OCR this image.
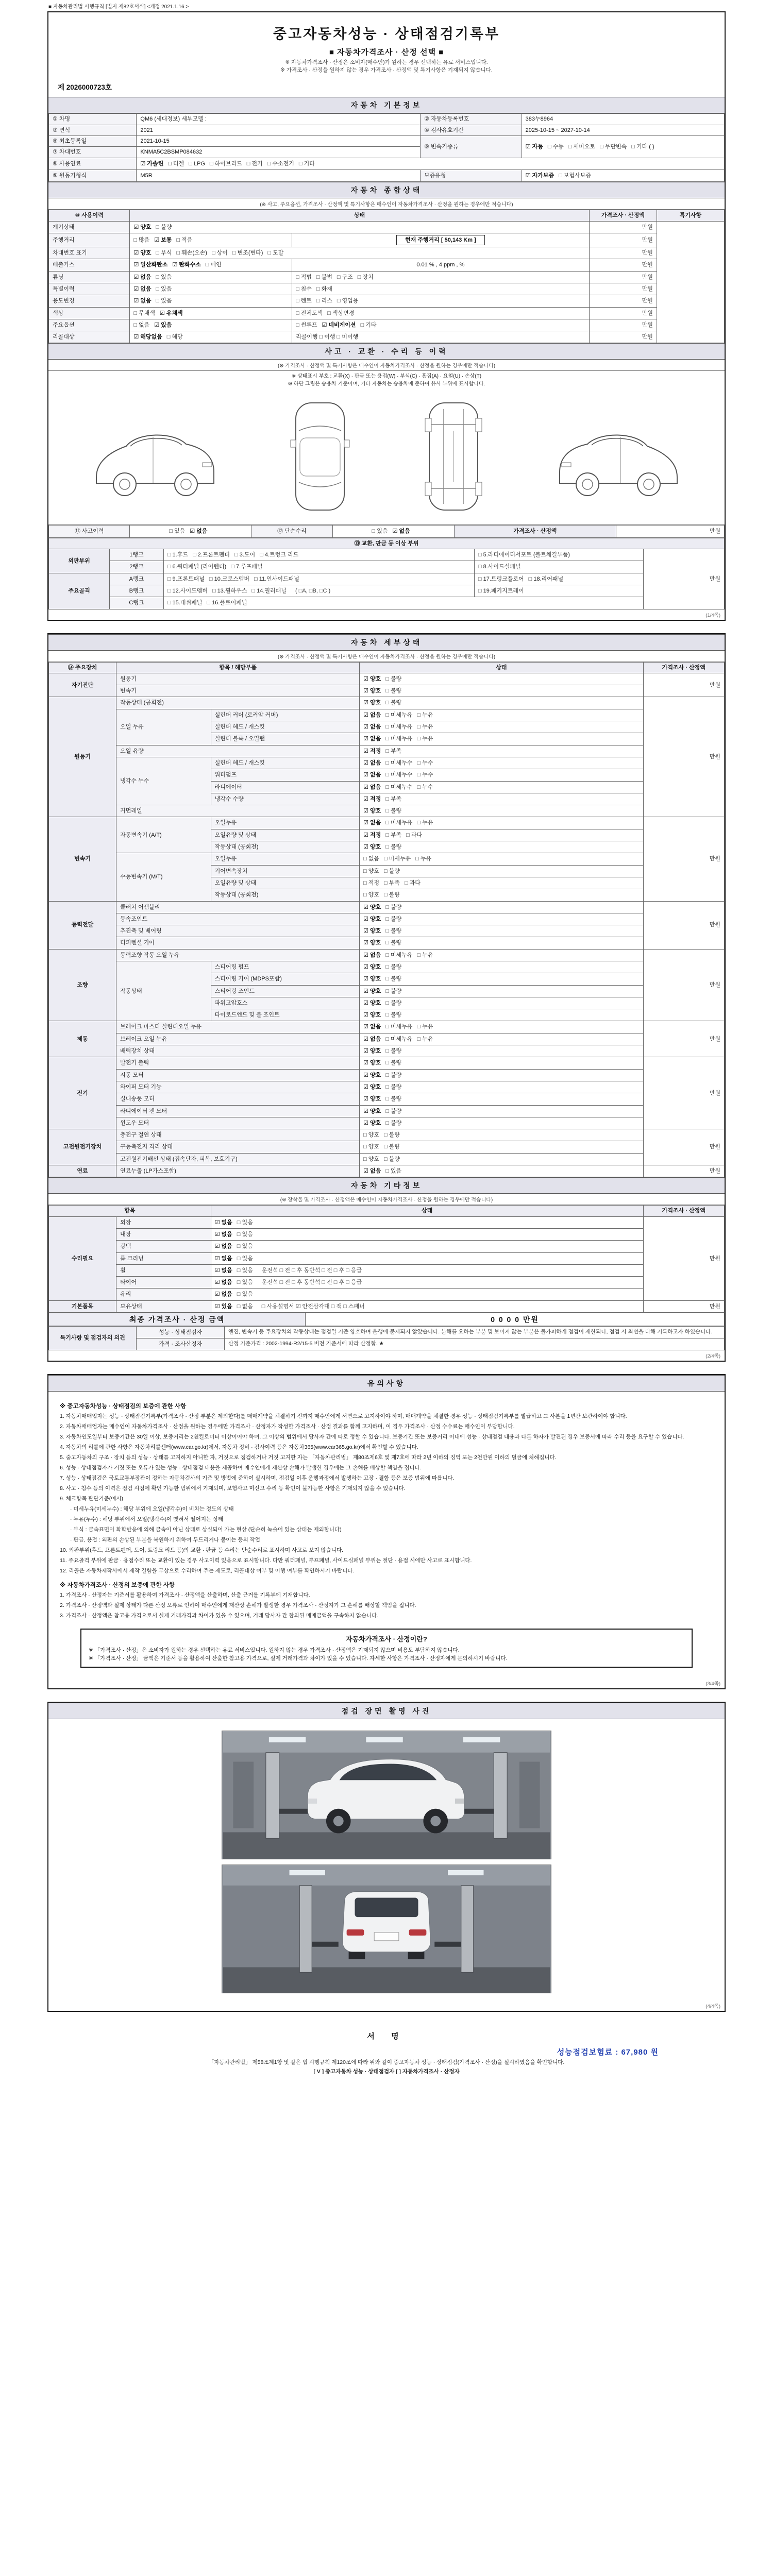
■ 자동차관리법 시행규칙 [별지 제82호서식] <개정 2021.1.16.>
중고자동차성능 · 상태점검기록부
■ 자동차가격조사 · 산정 선택 ■
※ 자동차가격조사 · 산정은 소비자(매수인)가 원하는 경우 선택하는 유료 서비스입니다.
※ 가격조사 · 산정을 원하지 않는 경우 가격조사 · 산정액 및 특기사항은 기재되지 않습니다.
제 2026000723호
자동차 기본정보
① 차명	QM6 (세대정보) 세부모델 :	② 자동차등록번호	383누8964
③ 연식	2021	④ 검사유효기간	2025-10-15 ~ 2027-10-14
⑤ 최초등록일	2021-10-15	⑥ 변속기종류	☑ 자동 □ 수동 □ 세미오토 □ 무단변속 □ 기타 ( )
⑦ 차대번호	KNMA5C2BSMP084632		
⑧ 사용연료	☑ 가솔린 □ 디젤 □ LPG □ 하이브리드 □ 전기 □ 수소전기 □ 기타		
⑨ 원동기형식	M5R	보증유형	☑ 자가보증 □ 보험사보증
자동차 종합상태
(※ 사고, 주요옵션, 가격조사 · 산정액 및 특기사항은 매수인이 자동차가격조사 · 산정을 원하는 경우에만 적습니다)
⑩ 사용이력	상태		가격조사 · 산정액	특기사항
계기상태	☑ 양호 □ 불량		만원	
주행거리	□ 많음 ☑ 보통 □ 적음	현재 주행거리 [ 50,143 Km ]	만원	
차대번호 표기	☑ 양호 □ 부식 □ 훼손(오손) □ 상이 □ 변조(변타) □ 도말		만원	
배출가스	☑ 일산화탄소 ☑ 탄화수소 □ 매연	0.01 % , 4 ppm , %	만원	
튜닝	☑ 없음 □ 있음	□ 적법 □ 불법 □ 구조 □ 장치	만원	
특별이력	☑ 없음 □ 있음	□ 침수 □ 화재	만원	
용도변경	☑ 없음 □ 있음	□ 렌트 □ 리스 □ 영업용	만원	
색상	□ 무채색 ☑ 유채색	□ 전체도색 □ 색상변경	만원	
주요옵션	□ 없음 ☑ 있음	□ 썬루프 ☑ 네비게이션 □ 기타	만원	
리콜대상	☑ 해당없음 □ 해당	리콜이행 □ 이행 □ 미이행	만원	
사고 · 교환 · 수리 등 이력
(※ 가격조사 · 산정액 및 특기사항은 매수인이 자동차가격조사 · 산정을 원하는 경우에만 적습니다)
※ 상태표시 부호 : 교환(X) · 판금 또는 용접(W) · 부식(C) · 흠집(A) · 요철(U) · 손상(T)
※ 하단 그림은 승용차 기준이며, 기타 자동차는 승용차에 준하여 유사 부위에 표시합니다.
⑪ 사고이력	□ 있음 ☑ 없음	⑫ 단순수리	□ 있음 ☑ 없음	가격조사 · 산정액	만원
⑬ 교환, 판금 등 이상 부위				
외판부위	1랭크	□ 1.후드 □ 2.프론트펜더 □ 3.도어 □ 4.트렁크 리드	□ 5.라디에이터서포트 (볼트체결부품)	만원
	2랭크	□ 6.쿼터패널 (리어펜더) □ 7.루프패널	□ 8.사이드실패널	
주요골격	A랭크	□ 9.프론트패널 □ 10.크로스멤버 □ 11.인사이드패널	□ 17.트렁크플로어 □ 18.리어패널	
	B랭크	□ 12.사이드멤버 □ 13.휠하우스 □ 14.필러패널 ( □A, □B, □C )	□ 19.패키지트레이	
	C랭크	□ 15.대쉬패널 □ 16.플로어패널		
(1/4쪽)
자동차 세부상태
(※ 가격조사 · 산정액 및 특기사항은 매수인이 자동차가격조사 · 산정을 원하는 경우에만 적습니다)
⑭ 주요장치	항목 / 해당부품		상태	가격조사 · 산정액
자기진단	원동기		☑ 양호 □ 불량	만원
	변속기		☑ 양호 □ 불량	
원동기	작동상태 (공회전)		☑ 양호 □ 불량	만원
	오일 누유	실린더 커버 (로커암 커버)	☑ 없음 □ 미세누유 □ 누유	
		실린더 헤드 / 개스킷	☑ 없음 □ 미세누유 □ 누유	
		실린더 블록 / 오일팬	☑ 없음 □ 미세누유 □ 누유	
	오일 유량		☑ 적정 □ 부족	
	냉각수 누수	실린더 헤드 / 개스킷	☑ 없음 □ 미세누수 □ 누수	
		워터펌프	☑ 없음 □ 미세누수 □ 누수	
		라디에이터	☑ 없음 □ 미세누수 □ 누수	
		냉각수 수량	☑ 적정 □ 부족	
	커먼레일		☑ 양호 □ 불량	
변속기	자동변속기 (A/T)	오일누유	☑ 없음 □ 미세누유 □ 누유	만원
		오일유량 및 상태	☑ 적정 □ 부족 □ 과다	
		작동상태 (공회전)	☑ 양호 □ 불량	
	수동변속기 (M/T)	오일누유	□ 없음 □ 미세누유 □ 누유	
		기어변속장치	□ 양호 □ 불량	
		오일유량 및 상태	□ 적정 □ 부족 □ 과다	
		작동상태 (공회전)	□ 양호 □ 불량	
동력전달	클러치 어셈블리		☑ 양호 □ 불량	만원
	등속조인트		☑ 양호 □ 불량	
	추진축 및 베어링		☑ 양호 □ 불량	
	디퍼렌셜 기어		☑ 양호 □ 불량	
조향	동력조향 작동 오일 누유		☑ 없음 □ 미세누유 □ 누유	만원
	작동상태	스티어링 펌프	☑ 양호 □ 불량	
		스티어링 기어 (MDPS포함)	☑ 양호 □ 불량	
		스티어링 조인트	☑ 양호 □ 불량	
		파워고압호스	☑ 양호 □ 불량	
		타이로드엔드 및 볼 조인트	☑ 양호 □ 불량	
제동	브레이크 마스터 실린더오일 누유		☑ 없음 □ 미세누유 □ 누유	만원
	브레이크 오일 누유		☑ 없음 □ 미세누유 □ 누유	
	배력장치 상태		☑ 양호 □ 불량	
전기	발전기 출력		☑ 양호 □ 불량	만원
	시동 모터		☑ 양호 □ 불량	
	와이퍼 모터 기능		☑ 양호 □ 불량	
	실내송풍 모터		☑ 양호 □ 불량	
	라디에이터 팬 모터		☑ 양호 □ 불량	
	윈도우 모터		☑ 양호 □ 불량	
고전원전기장치	충전구 절연 상태		□ 양호 □ 불량	만원
	구동축전지 격리 상태		□ 양호 □ 불량	
	고전원전기배선 상태 (접속단자, 피복, 보호기구)		□ 양호 □ 불량	
연료	연료누출 (LP가스포함)		☑ 없음 □ 있음	만원
자동차 기타정보
(※ 장착물 및 가격조사 · 산정액은 매수인이 자동차가격조사 · 산정을 원하는 경우에만 적습니다)
항목		상태	가격조사 · 산정액
수리필요	외장	☑ 없음 □ 있음	만원
	내장	☑ 없음 □ 있음	
	광택	☑ 없음 □ 있음	
	룸 크리닝	☑ 없음 □ 있음	
	휠	☑ 없음 □ 있음 운전석 □ 전 □ 후 동반석 □ 전 □ 후 □ 응급	
	타이어	☑ 없음 □ 있음 운전석 □ 전 □ 후 동반석 □ 전 □ 후 □ 응급	
	유리	☑ 없음 □ 있음	
기본품목	보유상태	☑ 있음 □ 없음 □ 사용설명서 ☑ 안전삼각대 □ 잭 □ 스패너	만원
최종 가격조사 · 산정 금액	0 0 0 0 만원
특기사항 및 점검자의 의견	성능 · 상태점검자	엔진, 변속기 등 주요장치의 작동상태는 점검일 기준 양호하며 운행에 문제되지 않았습니다. 분해를 요하는 부분 및 보이지 않는 부분은 불가피하게 점검이 제한되나, 점검 시 최선을 다해 기록하고자 하였습니다.
	가격 · 조사산정자	산정 기준가격 : 2002-1994-R2/15-5 버전 기준서에 따라 산정함. ★
(2/4쪽)
유의사항
※ 중고자동차성능 · 상태점검의 보증에 관한 사항
1. 자동차매매업자는 성능 · 상태점검기록부(가격조사 · 산정 부분은 제외한다)를 매매계약을 체결하기 전까지 매수인에게 서면으로 고지하여야 하며, 매매계약을 체결한 경우 성능 · 상태점검기록부를 발급하고 그 사본을 1년간 보관하여야 합니다.
2. 자동차매매업자는 매수인이 자동차가격조사 · 산정을 원하는 경우에만 가격조사 · 산정자가 작성한 가격조사 · 산정 결과를 함께 고지하며, 이 경우 가격조사 · 산정 수수료는 매수인이 부담합니다.
3. 자동차인도일부터 보증기간은 30일 이상, 보증거리는 2천킬로미터 이상이어야 하며, 그 이상의 범위에서 당사자 간에 따로 정할 수 있습니다. 보증기간 또는 보증거리 이내에 성능 · 상태점검 내용과 다른 하자가 발견된 경우 보증서에 따라 수리 등을 요구할 수 있습니다.
4. 자동차의 리콜에 관한 사항은 자동차리콜센터(www.car.go.kr)에서, 자동차 정비 · 검사이력 등은 자동차365(www.car365.go.kr)에서 확인할 수 있습니다.
5. 중고자동차의 구조 · 장치 등의 성능 · 상태를 고지하지 아니한 자, 거짓으로 점검하거나 거짓 고지한 자는 「자동차관리법」 제80조제6호 및 제7호에 따라 2년 이하의 징역 또는 2천만원 이하의 벌금에 처해집니다.
6. 성능 · 상태점검자가 거짓 또는 오류가 있는 성능 · 상태점검 내용을 제공하여 매수인에게 재산상 손해가 발생한 경우에는 그 손해를 배상할 책임을 집니다.
7. 성능 · 상태점검은 국토교통부장관이 정하는 자동차검사의 기준 및 방법에 준하여 실시하며, 점검일 이후 운행과정에서 발생하는 고장 · 결함 등은 보증 범위에 따릅니다.
8. 사고 · 침수 등의 이력은 점검 시점에 확인 가능한 범위에서 기재되며, 보험사고 미신고 수리 등 확인이 불가능한 사항은 기재되지 않을 수 있습니다.
9. 체크항목 판단기준(예시)
· 미세누유(미세누수) : 해당 부위에 오일(냉각수)이 비치는 정도의 상태
· 누유(누수) : 해당 부위에서 오일(냉각수)이 맺혀서 떨어지는 상태
· 부식 : 금속표면이 화학반응에 의해 금속이 아닌 상태로 상실되어 가는 현상 (단순히 녹슬어 있는 상태는 제외합니다)
· 판금, 용접 : 외판의 손상된 부분을 복원하기 위하여 두드리거나 붙이는 등의 작업
10. 외판부위(후드, 프론트펜더, 도어, 트렁크 리드 등)의 교환 · 판금 등 수리는 단순수리로 표시하며 사고로 보지 않습니다.
11. 주요골격 부위에 판금 · 용접수리 또는 교환이 있는 경우 사고이력 있음으로 표시합니다. 다만 쿼터패널, 루프패널, 사이드실패널 부위는 절단 · 용접 시에만 사고로 표시합니다.
12. 리콜은 자동차제작사에서 제작 결함을 무상으로 수리하여 주는 제도로, 리콜대상 여부 및 이행 여부를 확인하시기 바랍니다.
※ 자동차가격조사 · 산정의 보증에 관한 사항
1. 가격조사 · 산정자는 기준서를 활용하여 가격조사 · 산정액을 산출하며, 산출 근거를 기록부에 기재합니다.
2. 가격조사 · 산정액과 실제 상태가 다른 산정 오류로 인하여 매수인에게 재산상 손해가 발생한 경우 가격조사 · 산정자가 그 손해를 배상할 책임을 집니다.
3. 가격조사 · 산정액은 참고용 가격으로서 실제 거래가격과 차이가 있을 수 있으며, 거래 당사자 간 합의된 매매금액을 구속하지 않습니다.
자동차가격조사 · 산정이란?
※ 「가격조사 · 산정」은 소비자가 원하는 경우 선택하는 유료 서비스입니다. 원하지 않는 경우 가격조사 · 산정액은 기재되지 않으며 비용도 부담하지 않습니다.
※ 「가격조사 · 산정」 금액은 기준서 등을 활용하여 산출한 참고용 가격으로, 실제 거래가격과 차이가 있을 수 있습니다. 자세한 사항은 가격조사 · 산정자에게 문의하시기 바랍니다.
(3/4쪽)
점검 장면 촬영 사진
(4/4쪽)
서 명
성능점검보험료 : 67,980 원
「자동차관리법」 제58조제1항 및 같은 법 시행규칙 제120조에 따라 위와 같이 중고자동차 성능 · 상태점검(가격조사 · 산정)을 실시하였음을 확인합니다.
[ V ] 중고자동차 성능 · 상태점검자 [ ] 자동차가격조사 · 산정자
